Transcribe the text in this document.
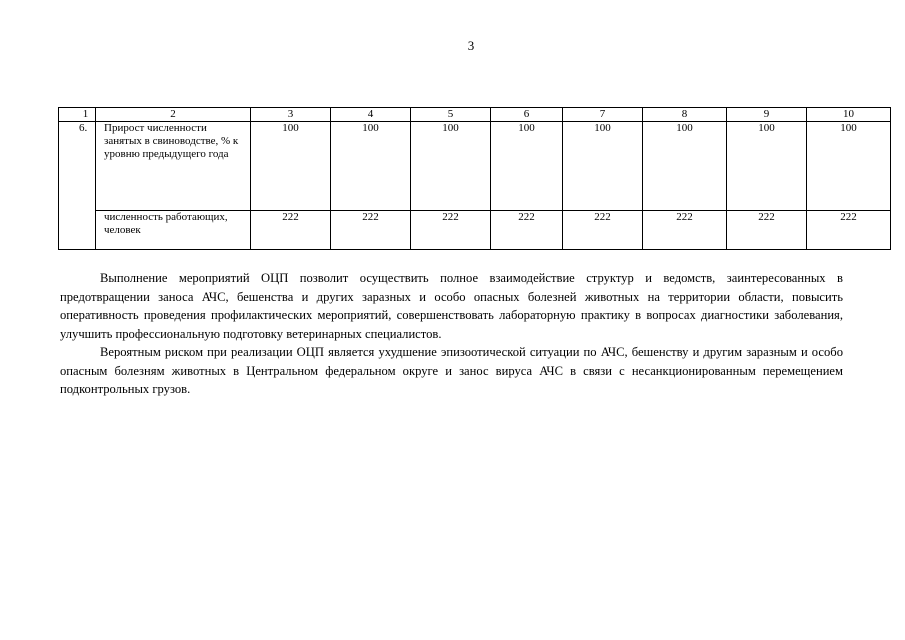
3
1	2	3	4	5	6	7	8	9	10
6.	Прирост численности занятых в свиноводстве, % к уровню предыдущего года	100	100	100	100	100	100	100	100
	численность работающих, человек	222	222	222	222	222	222	222	222

Выполнение мероприятий ОЦП позволит осуществить полное взаимодействие структур и ведомств, заинтересованных в предотвращении заноса АЧС, бешенства и других заразных и особо опасных болезней животных на территории области, повысить оперативность проведения профилактических мероприятий, совершенствовать лабораторную практику в вопросах диагностики заболевания, улучшить профессиональную подготовку ветеринарных специалистов.

Вероятным риском при реализации ОЦП является ухудшение эпизоотической ситуации по АЧС, бешенству и другим заразным и особо опасным болезням животных в Центральном федеральном округе и занос вируса АЧС в связи с несанкционированным перемещением подконтрольных грузов.
